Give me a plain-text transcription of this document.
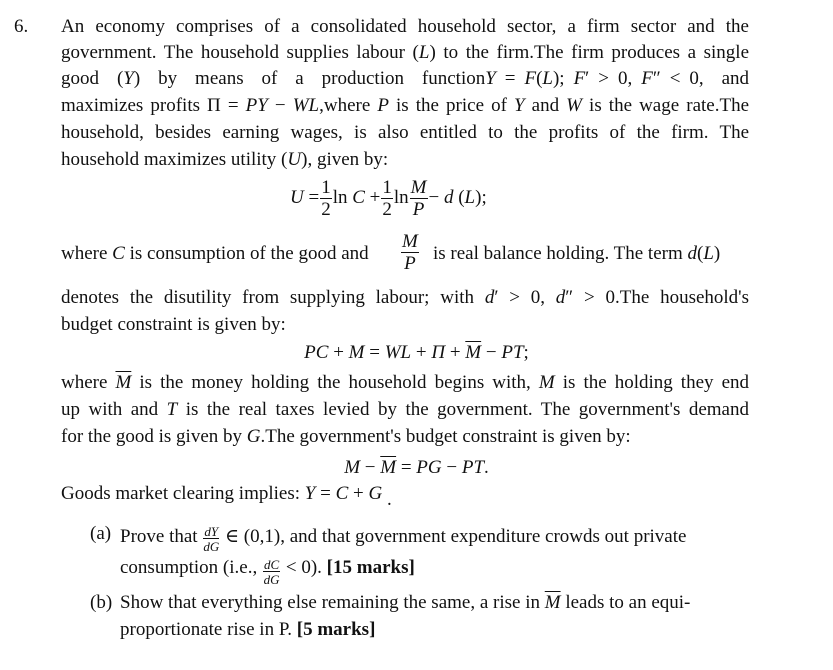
6. An economy comprises of a consolidated household sector, a firm sector and the
government. The household supplies labour (L) to the firm.The firm produces a single
good  (Y)  by  means  of  a  production  functionY = F(L); F′ > 0, F″ < 0,  and
maximizes profits Π = PY − WL,where P is the price of Y and W is the wage rate.The
household, besides earning wages, is also entitled to the profits of the firm. The
household maximizes utility (U), given by:
$U = \frac{1}{2}$ $\ln C + \frac{1}{2}$ $\ln \frac{M}{P} - d$ (L);
where C is consumption of the good and $\frac{M}{P}$ is real balance holding. The term d(L)
denotes the disutility from supplying labour; with d′ > 0, d″ > 0.The household's
budget constraint is given by:
PC + M = WL + $\Pi + \overline{M}$ − PT;
where $\overline{M}$ is the money holding the household begins with, M is the holding they end
up with and T is the real taxes levied by the government. The government's demand
for the good is given by G.The government's budget constraint is given by:
$M - \overline{M}$ = PG − PT.
Goods market clearing implies: Y = C + G .
(a) Prove that $\frac{dY}{dG}$ ∈ (0,1), and that government expenditure crowds out private
consumption (i.e., $\frac{dC}{dG} < 0$). [15 marks]
(b) Show that everything else remaining the same, a rise in $\overline{M}$ leads to an equi-
proportionate rise in P. [5 marks]
